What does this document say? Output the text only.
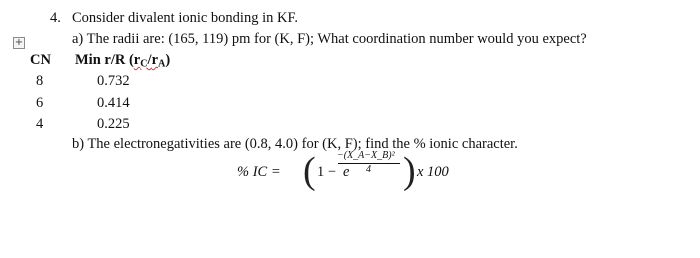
+
4. Consider divalent ionic bonding in KF.
a) The radii are: (165, 119) pm for (K, F); What coordination number would you expect?
CN Min r/R $(r_C/r_A)$
8	0.732
6	0.414
4	0.225
b) The electronegativities are (0.8, 4.0) for (K, F); find the % ionic character.
% IC = ( 1 − e
−(X_A−X_B)²
4 ) x 100
